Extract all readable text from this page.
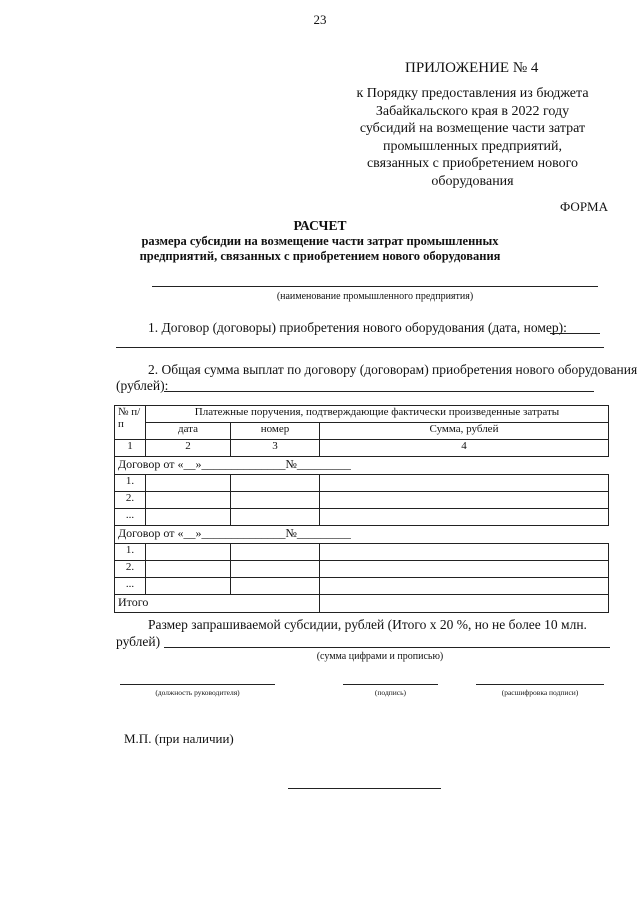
23
ПРИЛОЖЕНИЕ № 4
к Порядку предоставления из бюджета
Забайкальского края в 2022 году
субсидий на возмещение части затрат
промышленных предприятий,
связанных с приобретением нового
оборудования
ФОРМА
РАСЧЕТ
размера субсидии на возмещение части затрат промышленных предприятий, связанных с приобретением нового оборудования
(наименование промышленного предприятия)
1. Договор (договоры) приобретения нового оборудования (дата, номер):
2. Общая сумма выплат по договору (договорам) приобретения нового оборудования
(рублей):
№ п/п	Платежные поручения, подтверждающие фактически произведенные затраты		
	дата	номер	Сумма, рублей
1	2	3	4
Договор от «__»______________№_________			
1.			
2.			
...			
Договор от «__»______________№_________			
1.			
2.			
...			
Итого			
Размер запрашиваемой субсидии, рублей (Итого х 20 %, но не более 10 млн.
рублей)
(сумма цифрами и прописью)
(должность руководителя)	(подпись)	(расшифровка подписи)
М.П. (при наличии)
